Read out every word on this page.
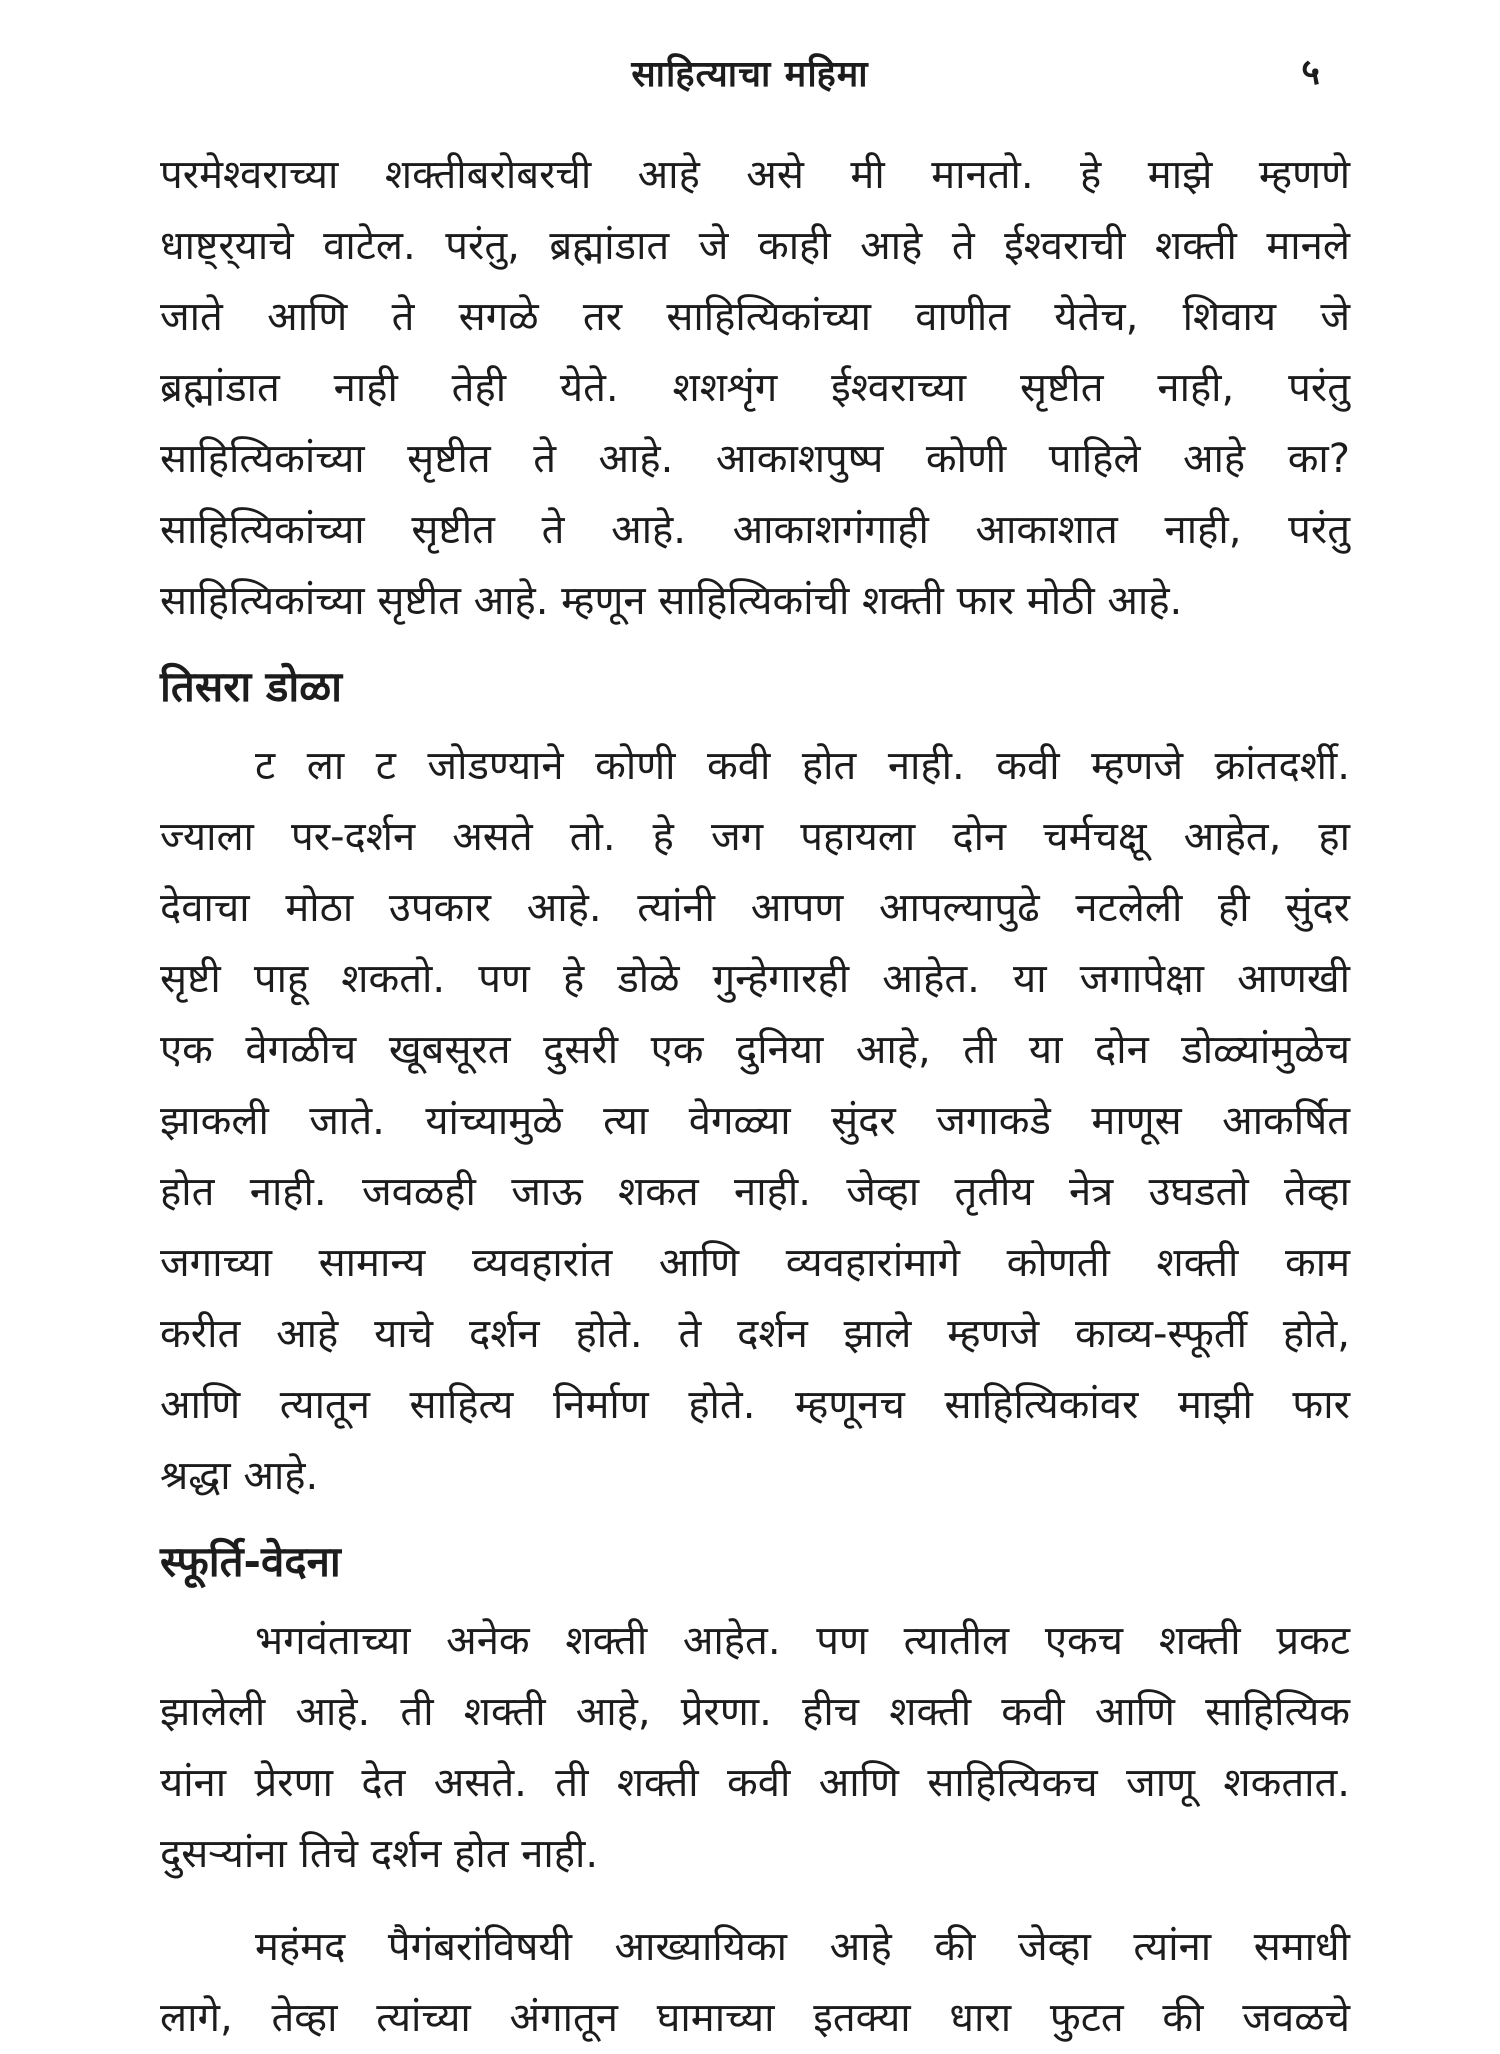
साहित्याचा महिमा	५
परमेश्वराच्या शक्तीबरोबरची आहे असे मी मानतो. हे माझे म्हणणे
धाष्ट्‍र्याचे वाटेल. परंतु, ब्रह्मांडात जे काही आहे ते ईश्वराची शक्ती मानले
जाते आणि ते सगळे तर साहित्यिकांच्या वाणीत येतेच, शिवाय जे
ब्रह्मांडात नाही तेही येते. शशशृंग ईश्वराच्या सृष्टीत नाही, परंतु
साहित्यिकांच्या सृष्टीत ते आहे. आकाशपुष्प कोणी पाहिले आहे का?
साहित्यिकांच्या सृष्टीत ते आहे. आकाशगंगाही आकाशात नाही, परंतु
साहित्यिकांच्या सृष्टीत आहे. म्हणून साहित्यिकांची शक्ती फार मोठी आहे.
तिसरा डोळा
ट ला ट जोडण्याने कोणी कवी होत नाही. कवी म्हणजे क्रांतदर्शी.
ज्याला पर-दर्शन असते तो. हे जग पहायला दोन चर्मचक्षू आहेत, हा
देवाचा मोठा उपकार आहे. त्यांनी आपण आपल्यापुढे नटलेली ही सुंदर
सृष्टी पाहू शकतो. पण हे डोळे गुन्हेगारही आहेत. या जगापेक्षा आणखी
एक वेगळीच खूबसूरत दुसरी एक दुनिया आहे, ती या दोन डोळ्यांमुळेच
झाकली जाते. यांच्यामुळे त्या वेगळ्या सुंदर जगाकडे माणूस आकर्षित
होत नाही. जवळही जाऊ शकत नाही. जेव्हा तृतीय नेत्र उघडतो तेव्हा
जगाच्या सामान्य व्यवहारांत आणि व्यवहारांमागे कोणती शक्ती काम
करीत आहे याचे दर्शन होते. ते दर्शन झाले म्हणजे काव्य-स्फूर्ती होते,
आणि त्यातून साहित्य निर्माण होते. म्हणूनच साहित्यिकांवर माझी फार
श्रद्धा आहे.
स्फूर्ति-वेदना
भगवंताच्या अनेक शक्ती आहेत. पण त्यातील एकच शक्ती प्रकट
झालेली आहे. ती शक्ती आहे, प्रेरणा. हीच शक्ती कवी आणि साहित्यिक
यांना प्रेरणा देत असते. ती शक्ती कवी आणि साहित्यिकच जाणू शकतात.
दुसऱ्यांना तिचे दर्शन होत नाही.
महंमद पैगंबरांविषयी आख्यायिका आहे की जेव्हा त्यांना समाधी
लागे, तेव्हा त्यांच्या अंगातून घामाच्या इतक्या धारा फुटत की जवळचे
